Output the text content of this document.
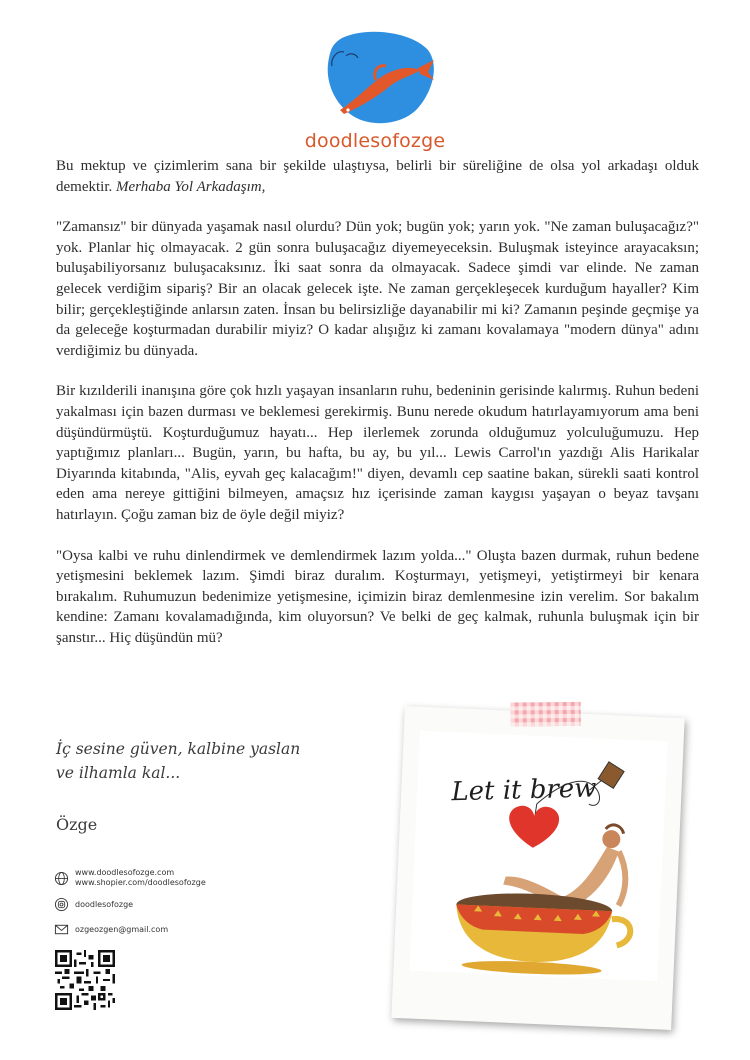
doodlesofozge

Bu mektup ve çizimlerim sana bir şekilde ulaştıysa, belirli bir süreliğine de olsa yol arkadaşı olduk demektir. Merhaba Yol Arkadaşım,

"Zamansız" bir dünyada yaşamak nasıl olurdu? Dün yok; bugün yok; yarın yok. "Ne zaman buluşacağız?" yok. Planlar hiç olmayacak. 2 gün sonra buluşacağız diyemeyeceksin. Buluşmak isteyince arayacaksın; buluşabiliyorsanız buluşacaksınız. İki saat sonra da olmayacak. Sadece şimdi var elinde. Ne zaman gelecek verdiğim sipariş? Bir an olacak gelecek işte. Ne zaman gerçekleşecek kurduğum hayaller? Kim bilir; gerçekleştiğinde anlarsın zaten. İnsan bu belirsizliğe dayanabilir mi ki? Zamanın peşinde geçmişe ya da geleceğe koşturmadan durabilir miyiz? O kadar alışığız ki zamanı kovalamaya "modern dünya" adını verdiğimiz bu dünyada.

Bir kızılderili inanışına göre çok hızlı yaşayan insanların ruhu, bedeninin gerisinde kalırmış. Ruhun bedeni yakalması için bazen durması ve beklemesi gerekirmiş. Bunu nerede okudum hatırlayamıyorum ama beni düşündürmüştü. Koşturduğumuz hayatı... Hep ilerlemek zorunda olduğumuz yolculuğumuzu. Hep yaptığımız planları... Bugün, yarın, bu hafta, bu ay, bu yıl... Lewis Carrol'ın yazdığı Alis Harikalar Diyarında kitabında, "Alis, eyvah geç kalacağım!" diyen, devamlı cep saatine bakan, sürekli saati kontrol eden ama nereye gittiğini bilmeyen, amaçsız hız içerisinde zaman kaygısı yaşayan o beyaz tavşanı hatırlayın. Çoğu zaman biz de öyle değil miyiz?

"Oysa kalbi ve ruhu dinlendirmek ve demlendirmek lazım yolda..." Oluşta bazen durmak, ruhun bedene yetişmesini beklemek lazım. Şimdi biraz duralım. Koşturmayı, yetişmeyi, yetiştirmeyi bir kenara bırakalım. Ruhumuzun bedenimize yetişmesine, içimizin biraz demlenmesine izin verelim. Sor bakalım kendine: Zamanı kovalamadığında, kim oluyorsun? Ve belki de geç kalmak, ruhunla buluşmak için bir şanstır... Hiç düşündün mü?

İç sesine güven, kalbine yaslan
ve ilhamla kal...
Özge
www.doodlesofozge.com
www.shopier.com/doodlesofozge
doodlesofozge
ozgeozgen@gmail.com
Let it brew
